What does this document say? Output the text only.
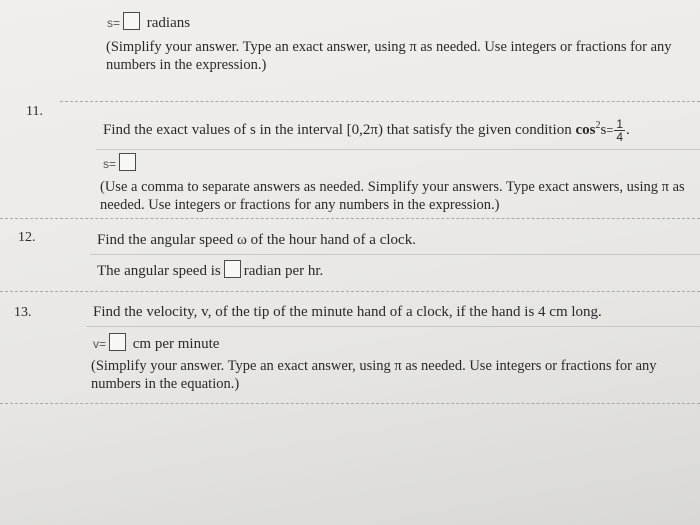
s= radians
(Simplify your answer. Type an exact answer, using π as needed. Use integers or fractions for any numbers in the expression.)
11.
Find the exact values of s in the interval [0,2π) that satisfy the given condition $\cos^2s= \frac{1}{4}$ .
s=
(Use a comma to separate answers as needed. Simplify your answers. Type exact answers, using π as needed. Use integers or fractions for any numbers in the expression.)
12.	Find the angular speed ω of the hour hand of a clock.
The angular speed is radian per hr.
13.	Find the velocity, v, of the tip of the minute hand of a clock, if the hand is 4 cm long.
v= cm per minute
(Simplify your answer. Type an exact answer, using π as needed. Use integers or fractions for any numbers in the equation.)
